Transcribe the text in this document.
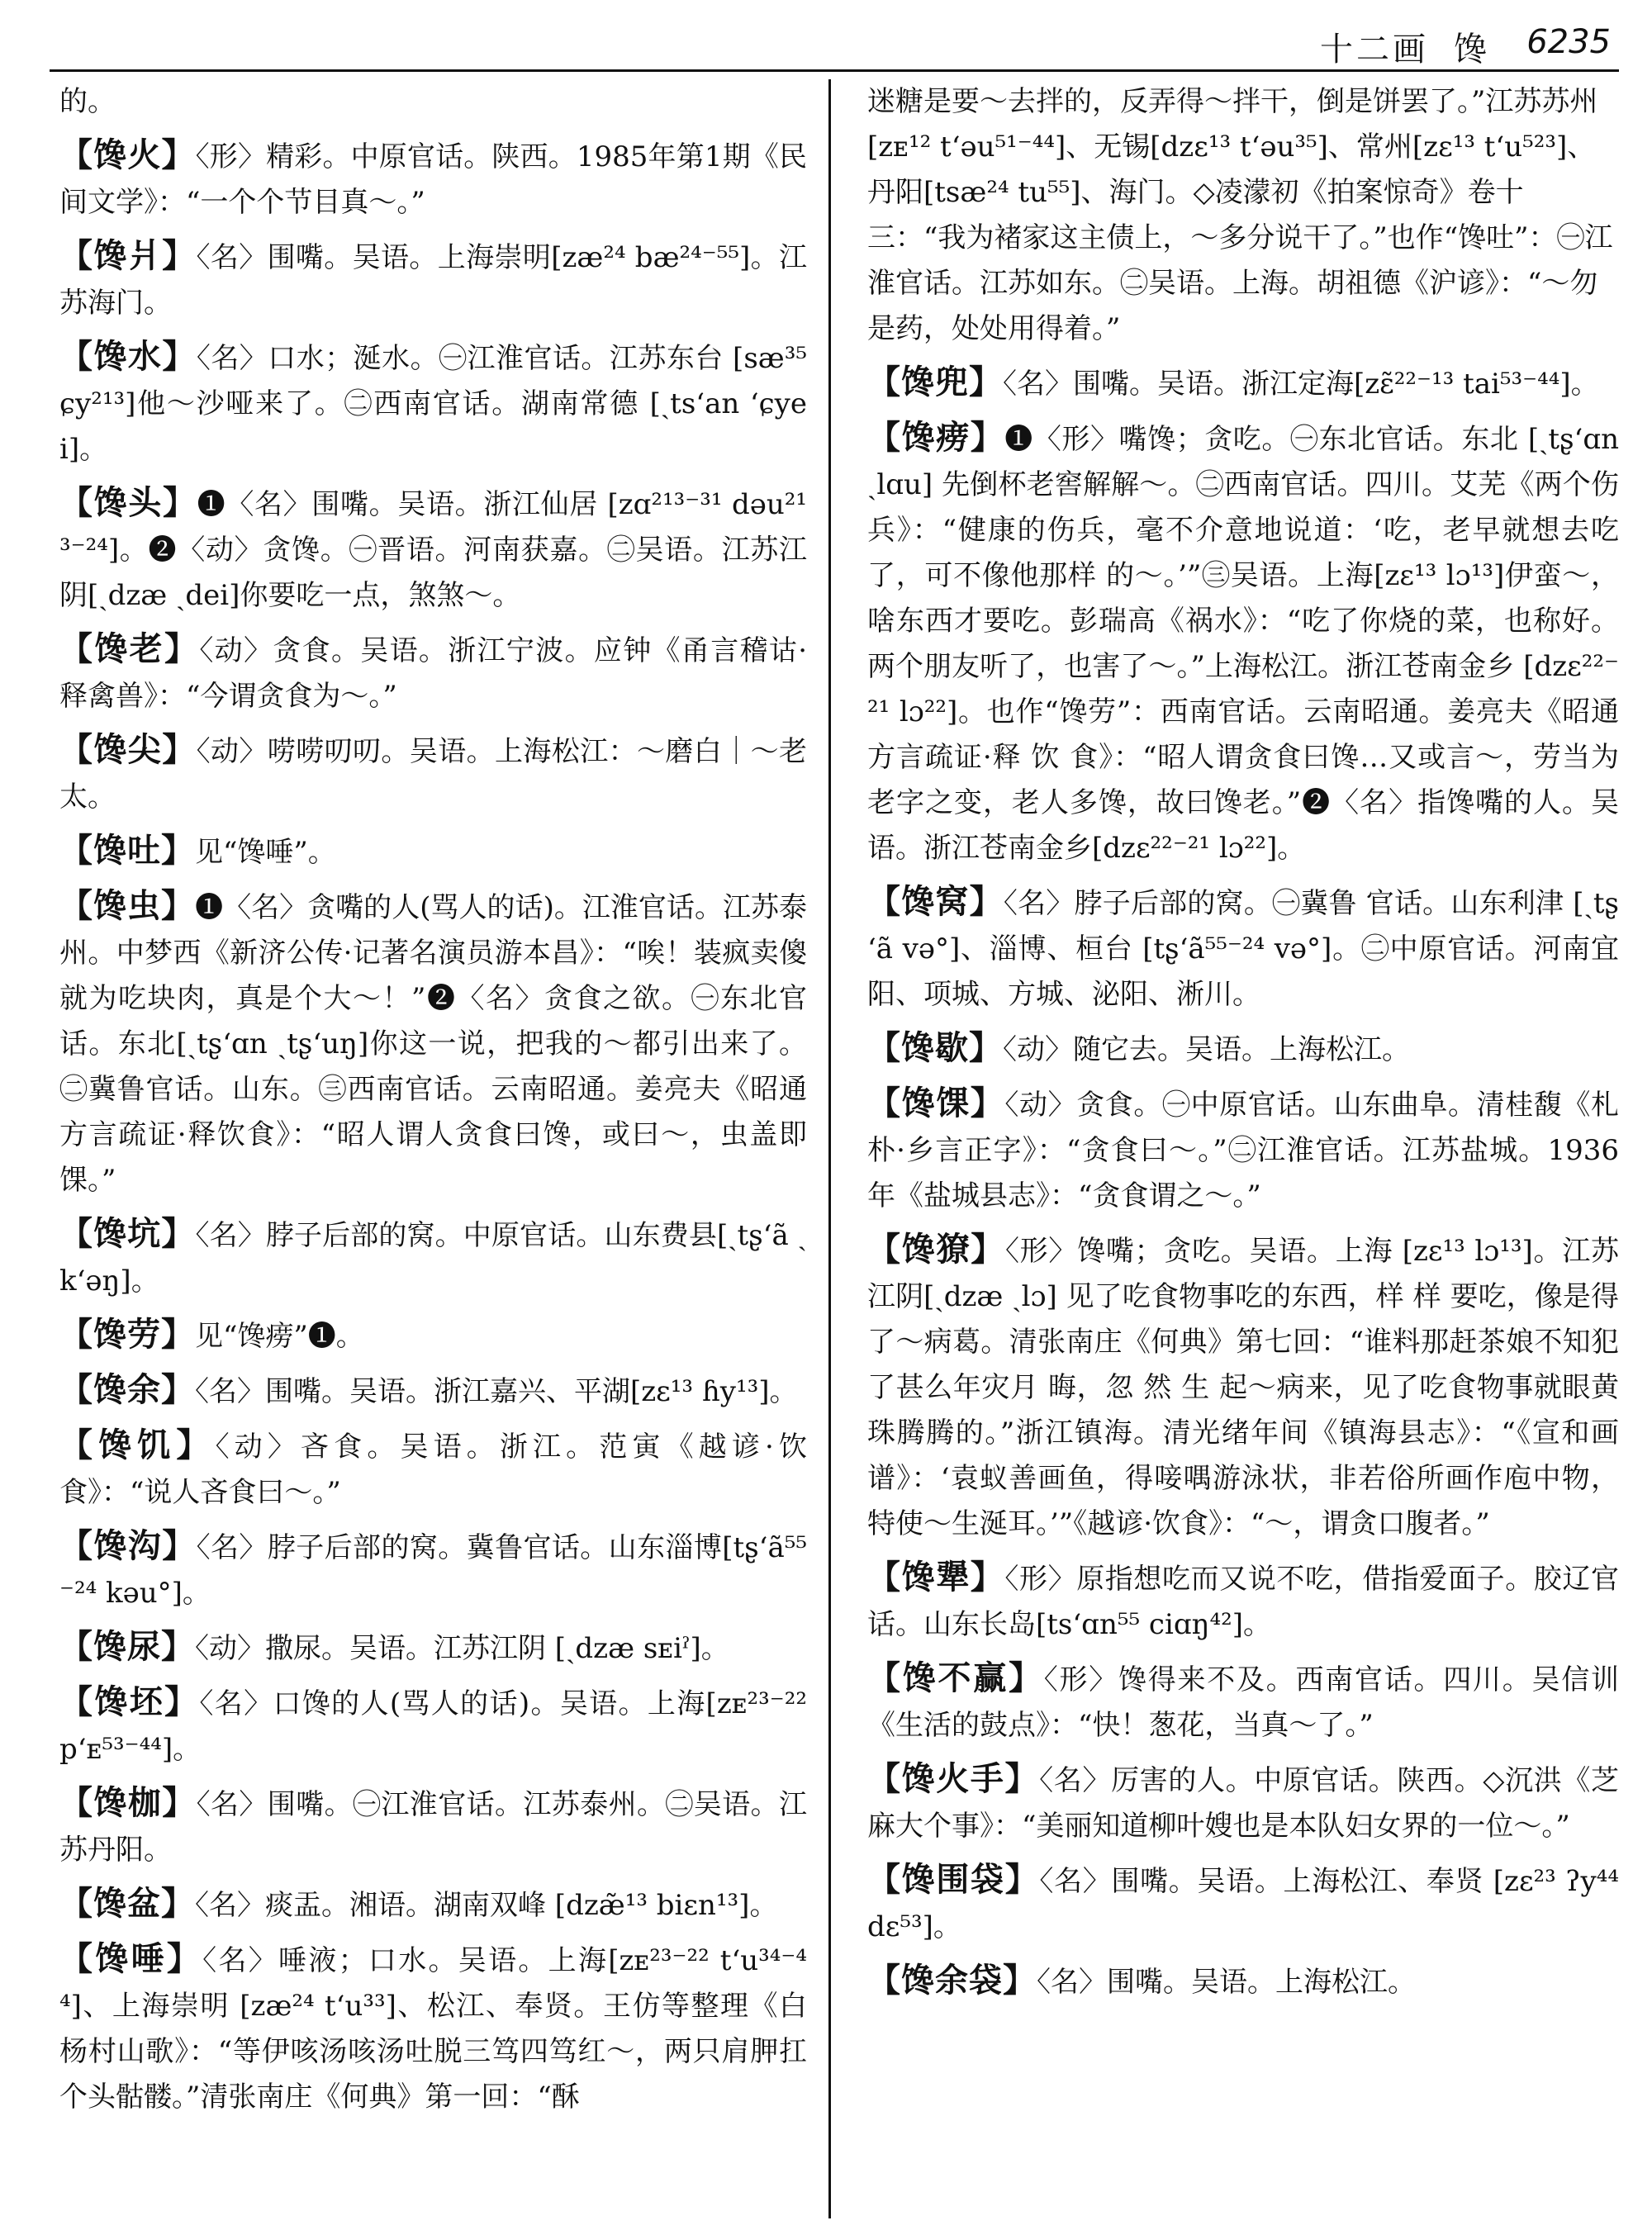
十二画 馋 6235
的。
【馋火】〈形〉精彩。中原官话。陕西。1985年第1期《民间文学》：“一个个节目真～。”
【馋爿】〈名〉围嘴。吴语。上海崇明[zæ²⁴ bæ²⁴⁻⁵⁵]。江苏海门。
【馋水】〈名〉口水；涎水。㊀江淮官话。江苏东台 [sæ³⁵ ɕy²¹³]他～沙哑来了。㊁西南官话。湖南常德 [ˏtsʻan ʻɕyei]。
【馋头】❶〈名〉围嘴。吴语。浙江仙居 [zɑ²¹³⁻³¹ dəu²¹³⁻²⁴]。❷〈动〉贪馋。㊀晋语。河南获嘉。㊁吴语。江苏江阴[ˏdzæ ˏdei]你要吃一点，煞煞～。
【馋老】〈动〉贪食。吴语。浙江宁波。应钟《甬言稽诂·释禽兽》：“今谓贪食为～。”
【馋尖】〈动〉唠唠叨叨。吴语。上海松江：～磨白｜～老太。
【馋吐】见“馋唾”。
【馋虫】❶〈名〉贪嘴的人(骂人的话)。江淮官话。江苏泰州。中梦西《新济公传·记著名演员游本昌》：“唉！装疯卖傻就为吃块肉，真是个大～！”❷〈名〉贪食之欲。㊀东北官话。东北[ˏtʂʻɑn ˏtʂʻuŋ]你这一说，把我的～都引出来了。㊁冀鲁官话。山东。㊂西南官话。云南昭通。姜亮夫《昭通方言疏证·释饮食》：“昭人谓人贪食曰馋，或曰～，虫盖即馃。”
【馋坑】〈名〉脖子后部的窝。中原官话。山东费县[ˏtʂʻã ˏkʻəŋ]。
【馋劳】见“馋痨”❶。
【馋余】〈名〉围嘴。吴语。浙江嘉兴、平湖[zɛ¹³ ɦy¹³]。
【馋饥】〈动〉吝食。吴语。浙江。范寅《越谚·饮食》：“说人吝食曰～。”
【馋沟】〈名〉脖子后部的窝。冀鲁官话。山东淄博[tʂʻã⁵⁵⁻²⁴ kəu°]。
【馋尿】〈动〉撒尿。吴语。江苏江阴 [ˏdzæ sᴇiˀ]。
【馋坯】〈名〉口馋的人(骂人的话)。吴语。上海[zᴇ²³⁻²² pʻᴇ⁵³⁻⁴⁴]。
【馋枷】〈名〉围嘴。㊀江淮官话。江苏泰州。㊁吴语。江苏丹阳。
【馋盆】〈名〉痰盂。湘语。湖南双峰 [dzæ̃¹³ biɛn¹³]。
【馋唾】〈名〉唾液；口水。吴语。上海[zᴇ²³⁻²² tʻu³⁴⁻⁴⁴]、上海崇明 [zæ²⁴ tʻu³³]、松江、奉贤。王仿等整理《白杨村山歌》：“等伊咳汤咳汤吐脱三笃四笃红～，两只肩胛扛个头骷髅。”清张南庄《何典》第一回：“酥
迷糖是要～去拌的，反弄得～拌干，倒是饼罢了。”江苏苏州[zᴇ¹² tʻəu⁵¹⁻⁴⁴]、无锡[dzɛ¹³ tʻəu³⁵]、常州[zɛ¹³ tʻu⁵²³]、丹阳[tsæ²⁴ tu⁵⁵]、海门。◇凌濛初《拍案惊奇》卷十三：“我为褚家这主债上，～多分说干了。”也作“馋吐”：㊀江淮官话。江苏如东。㊁吴语。上海。胡祖德《沪谚》：“～勿是药，处处用得着。”
【馋兜】〈名〉围嘴。吴语。浙江定海[zɛ̃²²⁻¹³ tai⁵³⁻⁴⁴]。
【馋痨】❶〈形〉嘴馋；贪吃。㊀东北官话。东北 [ˏtʂʻɑn ˏlɑu] 先倒杯老窖解解～。㊁西南官话。四川。艾芜《两个伤兵》：“健康的伤兵，毫不介意地说道：‘吃，老早就想去吃了，可不像他那样 的～。’”㊂吴语。上海[zɛ¹³ lɔ¹³]伊蛮～，啥东西才要吃。彭瑞高《祸水》：“吃了你烧的菜，也称好。两个朋友听了，也害了～。”上海松江。浙江苍南金乡 [dzɛ²²⁻²¹ lɔ²²]。也作“馋劳”：西南官话。云南昭通。姜亮夫《昭通方言疏证·释 饮 食》：“昭人谓贪食曰馋…又或言～，劳当为老字之变，老人多馋，故曰馋老。”❷〈名〉指馋嘴的人。吴语。浙江苍南金乡[dzɛ²²⁻²¹ lɔ²²]。
【馋窝】〈名〉脖子后部的窝。㊀冀鲁 官话。山东利津 [ˏtʂʻã və°]、淄博、桓台 [tʂʻã⁵⁵⁻²⁴ və°]。㊁中原官话。河南宜阳、项城、方城、泌阳、淅川。
【馋歇】〈动〉随它去。吴语。上海松江。
【馋馃】〈动〉贪食。㊀中原官话。山东曲阜。清桂馥《札朴·乡言正字》：“贪食曰～。”㊁江淮官话。江苏盐城。1936年《盐城县志》：“贪食谓之～。”
【馋獠】〈形〉馋嘴；贪吃。吴语。上海 [zɛ¹³ lɔ¹³]。江苏江阴[ˏdzæ ˏlɔ] 见了吃食物事吃的东西，样 样 要吃，像是得了～病葛。清张南庄《何典》第七回：“谁料那赶茶娘不知犯了甚么年灾月 晦，忽 然 生 起～病来，见了吃食物事就眼黄珠腾腾的。”浙江镇海。清光绪年间《镇海县志》：“《宣和画谱》：‘袁蚁善画鱼，得唼喁游泳状，非若俗所画作庖中物，特使～生涎耳。’”《越谚·饮食》：“～，谓贪口腹者。”
【馋犟】〈形〉原指想吃而又说不吃，借指爱面子。胶辽官话。山东长岛[tsʻɑn⁵⁵ ciɑŋ⁴²]。
【馋不赢】〈形〉馋得来不及。西南官话。四川。吴信训《生活的鼓点》：“快！葱花，当真～了。”
【馋火手】〈名〉厉害的人。中原官话。陕西。◇沉洪《芝麻大个事》：“美丽知道柳叶嫂也是本队妇女界的一位～。”
【馋围袋】〈名〉围嘴。吴语。上海松江、奉贤 [zɛ²³ ʔy⁴⁴ dɛ⁵³]。
【馋余袋】〈名〉围嘴。吴语。上海松江。
